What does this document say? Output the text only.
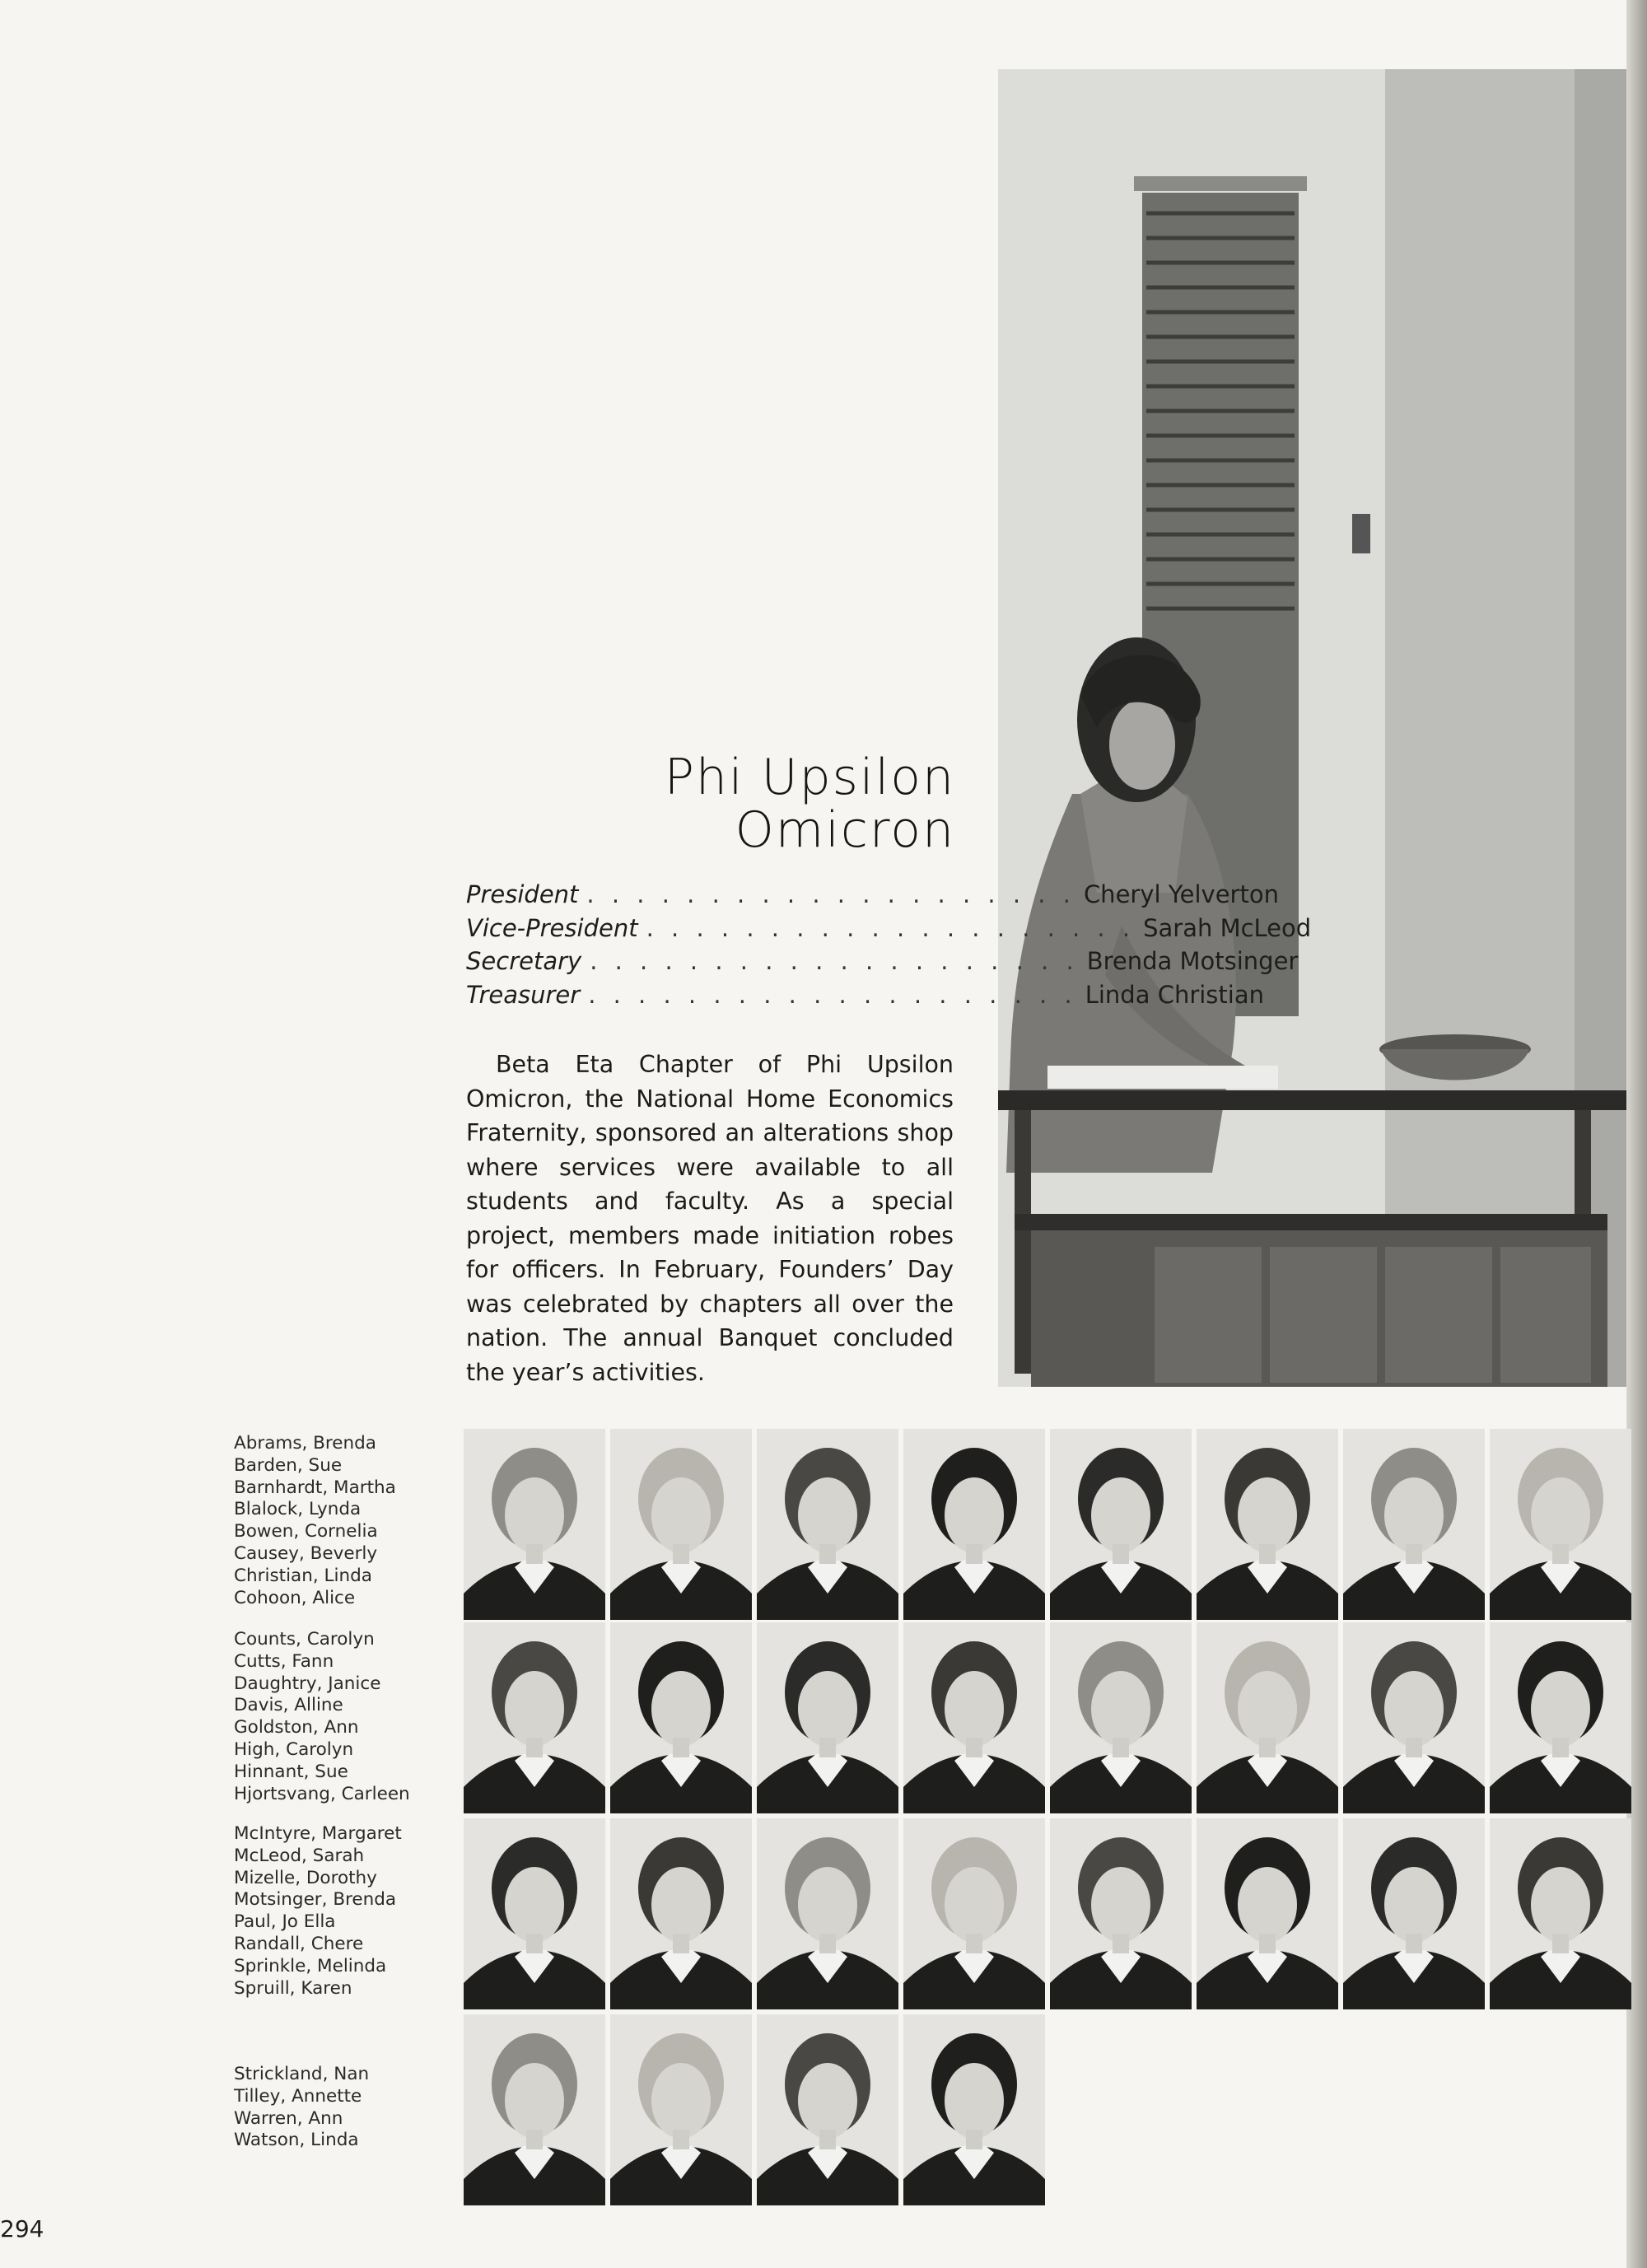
Phi Upsilon
Omicron
President . . . . . . . . . . . . . . . . . . . . Cheryl Yelverton
Vice-President . . . . . . . . . . . . . . . . . . . . Sarah McLeod
Secretary . . . . . . . . . . . . . . . . . . . . Brenda Motsinger
Treasurer . . . . . . . . . . . . . . . . . . . . Linda Christian
Beta Eta Chapter of Phi Upsilon Omicron, the National Home Economics Fraternity, sponsored an alterations shop where services were available to all students and faculty. As a special project, members made initiation robes for officers. In February, Founders’ Day was celebrated by chapters all over the nation. The annual Banquet concluded the year’s activities.
Abrams, Brenda
Barden, Sue
Barnhardt, Martha
Blalock, Lynda
Bowen, Cornelia
Causey, Beverly
Christian, Linda
Cohoon, Alice
Counts, Carolyn
Cutts, Fann
Daughtry, Janice
Davis, Alline
Goldston, Ann
High, Carolyn
Hinnant, Sue
Hjortsvang, Carleen
McIntyre, Margaret
McLeod, Sarah
Mizelle, Dorothy
Motsinger, Brenda
Paul, Jo Ella
Randall, Chere
Sprinkle, Melinda
Spruill, Karen
Strickland, Nan
Tilley, Annette
Warren, Ann
Watson, Linda
294
